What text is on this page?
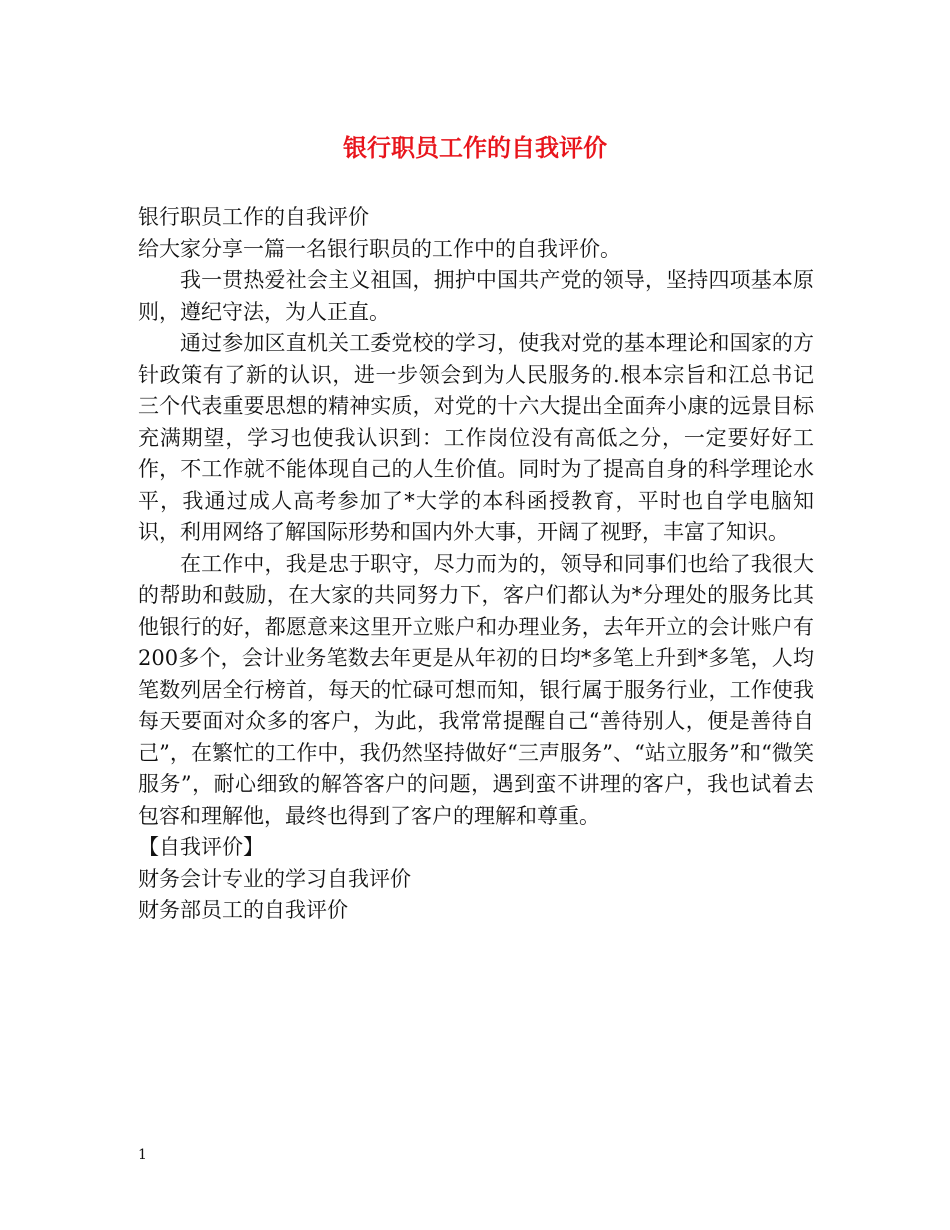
银行职员工作的自我评价

银行职员工作的自我评价

给大家分享一篇一名银行职员的工作中的自我评价。

我一贯热爱社会主义祖国，拥护中国共产党的领导，坚持四项基本原则，遵纪守法，为人正直。

通过参加区直机关工委党校的学习，使我对党的基本理论和国家的方针政策有了新的认识，进一步领会到为人民服务的.根本宗旨和江总书记三个代表重要思想的精神实质，对党的十六大提出全面奔小康的远景目标充满期望，学习也使我认识到：工作岗位没有高低之分，一定要好好工作，不工作就不能体现自己的人生价值。同时为了提高自身的科学理论水平，我通过成人高考参加了*大学的本科函授教育，平时也自学电脑知识，利用网络了解国际形势和国内外大事，开阔了视野，丰富了知识。

在工作中，我是忠于职守，尽力而为的，领导和同事们也给了我很大的帮助和鼓励，在大家的共同努力下，客户们都认为*分理处的服务比其他银行的好，都愿意来这里开立账户和办理业务，去年开立的会计账户有200多个，会计业务笔数去年更是从年初的日均*多笔上升到*多笔，人均笔数列居全行榜首，每天的忙碌可想而知，银行属于服务行业，工作使我每天要面对众多的客户，为此，我常常提醒自己“善待别人，便是善待自己”，在繁忙的工作中，我仍然坚持做好“三声服务”、“站立服务”和“微笑服务”，耐心细致的解答客户的问题，遇到蛮不讲理的客户，我也试着去包容和理解他，最终也得到了客户的理解和尊重。

【自我评价】

财务会计专业的学习自我评价

财务部员工的自我评价

1
